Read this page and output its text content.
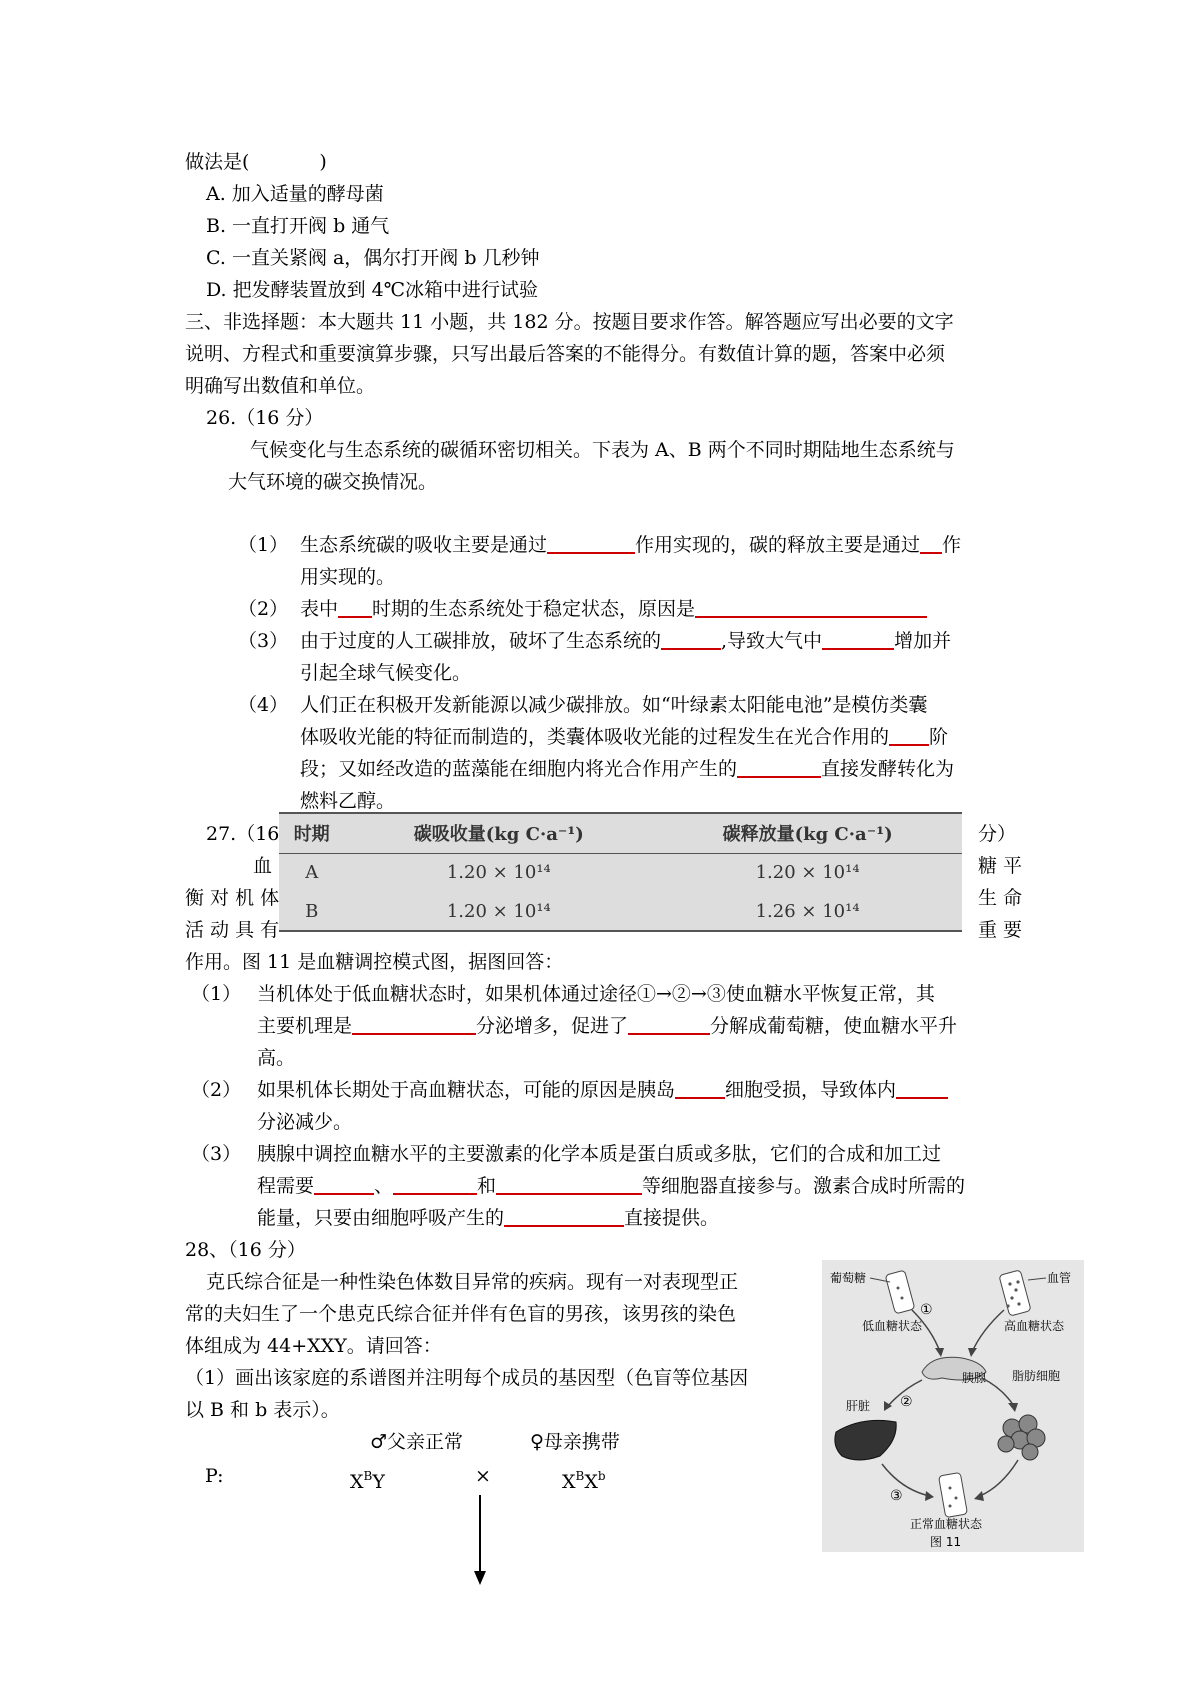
做法是(	)
A. 加入适量的酵母菌
B. 一直打开阀 b 通气
C. 一直关紧阀 a，偶尔打开阀 b 几秒钟
D. 把发酵装置放到 4℃冰箱中进行试验
三、非选择题：本大题共 11 小题，共 182 分。按题目要求作答。解答题应写出必要的文字
说明、方程式和重要演算步骤，只写出最后答案的不能得分。有数值计算的题，答案中必须
明确写出数值和单位。
26.（16 分）
气候变化与生态系统的碳循环密切相关。下表为 A、B 两个不同时期陆地生态系统与
大气环境的碳交换情况。
（1） 生态系统碳的吸收主要是通过	作用实现的，碳的释放主要是通过 作
用实现的。
（2） 表中 时期的生态系统处于稳定状态，原因是
（3） 由于过度的人工碳排放，破坏了生态系统的	,导致大气中	增加并
引起全球气候变化。
（4） 人们正在积极开发新能源以减少碳排放。如“叶绿素太阳能电池”是模仿类囊
体吸收光能的特征而制造的，类囊体吸收光能的过程发生在光合作用的 阶
段；又如经改造的蓝藻能在细胞内将光合作用产生的	直接发酵转化为
燃料乙醇。
时期	碳吸收量(kg C·a⁻¹)	碳释放量(kg C·a⁻¹)
A	1.20 × 10¹⁴	1.20 × 10¹⁴
B	1.20 × 10¹⁴	1.26 × 10¹⁴
27.（16	分）
血	糖 平
衡 对 机 体	生 命
活 动 具 有	重 要
作用。图 11 是血糖调控模式图，据图回答：
（1） 当机体处于低血糖状态时，如果机体通过途径①→②→③使血糖水平恢复正常，其
主要机理是	分泌增多，促进了	分解成葡萄糖，使血糖水平升
高。
（2） 如果机体长期处于高血糖状态，可能的原因是胰岛	细胞受损，导致体内
分泌减少。
（3） 胰腺中调控血糖水平的主要激素的化学本质是蛋白质或多肽，它们的合成和加工过
程需要	、	和	等细胞器直接参与。激素合成时所需的
能量，只要由细胞呼吸产生的	直接提供。
28、（16 分）
克氏综合征是一种性染色体数目异常的疾病。现有一对表现型正
常的夫妇生了一个患克氏综合征并伴有色盲的男孩，该男孩的染色
体组成为 44+XXY。请回答：
（1）画出该家庭的系谱图并注明每个成员的基因型（色盲等位基因
以 B 和 b 表示）。
♂父亲正常	♀母亲携带
P:	$X^BY$	×	$X^BX^b$
葡萄糖	血管
低血糖状态	高血糖状态
①
胰腺
②
脂肪细胞
肝脏
③
正常血糖状态
图 11
